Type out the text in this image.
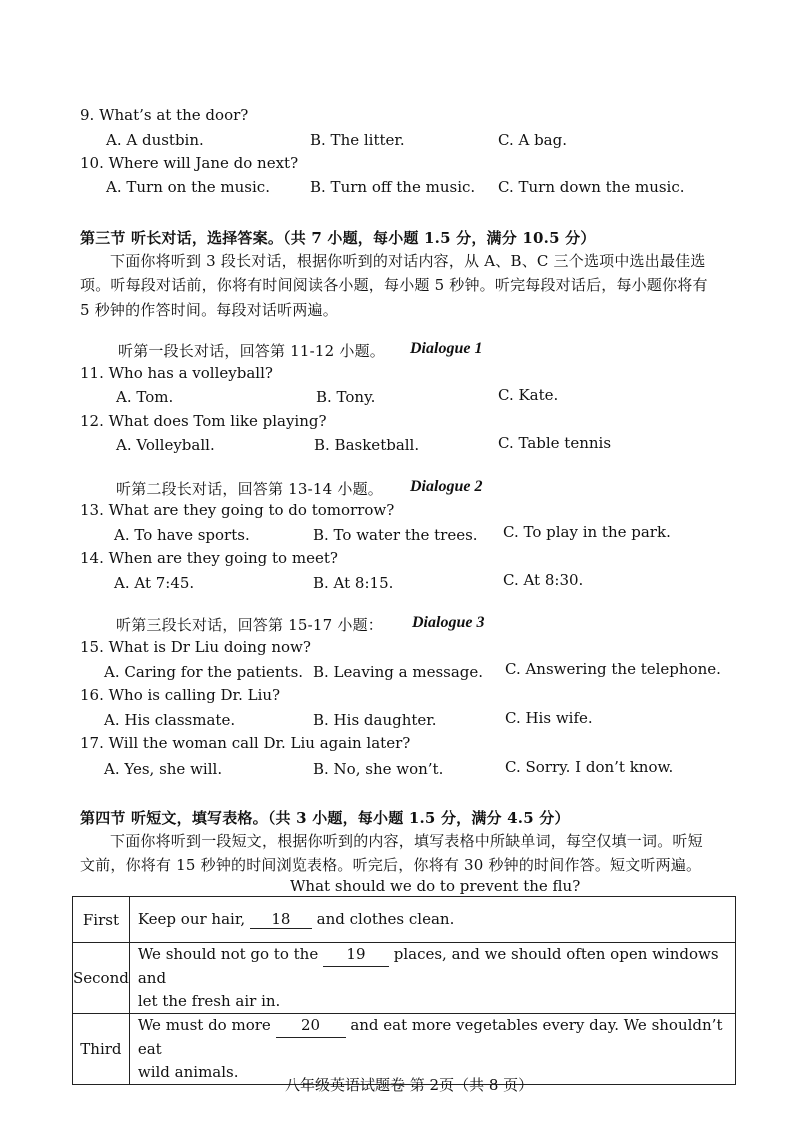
9. What’s at the door?
A. A dustbin.	B. The litter.	C. A bag.
10. Where will Jane do next?
A. Turn on the music.	B. Turn off the music. C. Turn down the music.
第三节 听长对话，选择答案。（共 7 小题，每小题 1.5 分，满分 10.5 分）
下面你将听到 3 段长对话，根据你听到的对话内容，从 A、B、C 三个选项中选出最佳选
项。听每段对话前，你将有时间阅读各小题，每小题 5 秒钟。听完每段对话后，每小题你将有
5 秒钟的作答时间。每段对话听两遍。
听第一段长对话，回答第 11-12 小题。 Dialogue 1
11. Who has a volleyball?
A. Tom.	B. Tony.	C. Kate.
12. What does Tom like playing?
A. Volleyball.	B. Basketball.	C. Table tennis
听第二段长对话，回答第 13-14 小题。 Dialogue 2
13. What are they going to do tomorrow?
A. To have sports.	B. To water the trees. C. To play in the park.
14. When are they going to meet?
A. At 7:45.	B. At 8:15.	C. At 8:30.
听第三段长对话，回答第 15-17 小题： Dialogue 3
15. What is Dr Liu doing now?
A. Caring for the patients. B. Leaving a message. C. Answering the telephone.
16. Who is calling Dr. Liu?
A. His classmate.	B. His daughter.	C. His wife.
17. Will the woman call Dr. Liu again later?
A. Yes, she will.	B. No, she won’t.	C. Sorry. I don’t know.
第四节 听短文，填写表格。（共 3 小题，每小题 1.5 分，满分 4.5 分）
下面你将听到一段短文，根据你听到的内容，填写表格中所缺单词，每空仅填一词。听短
文前，你将有 15 秒钟的时间浏览表格。听完后，你将有 30 秒钟的时间作答。短文听两遍。
What should we do to prevent the flu?
First	Keep our hair, 18 and clothes clean.
Second	We should not go to the 19 places, and we should often open windows and
let the fresh air in.
Third	We must do more 20 and eat more vegetables every day. We shouldn’t eat
wild animals.
八年级英语试题卷 第 2页（共 8 页）
